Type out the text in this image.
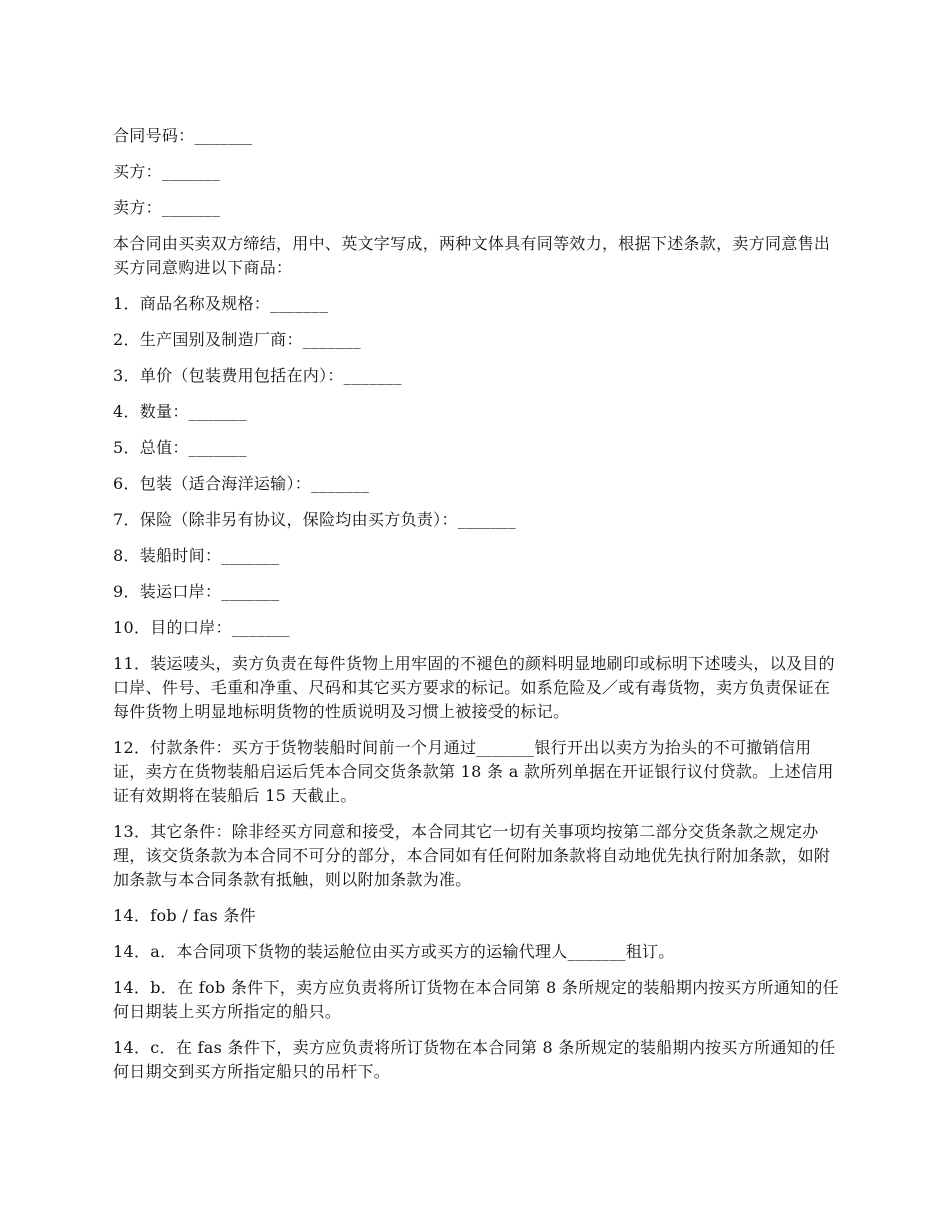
合同号码：_______

买方：_______

卖方：_______

本合同由买卖双方缔结，用中、英文字写成，两种文体具有同等效力，根据下述条款，卖方同意售出买方同意购进以下商品：

1．商品名称及规格：_______

2．生产国别及制造厂商：_______

3．单价（包装费用包括在内）：_______

4．数量：_______

5．总值：_______

6．包装（适合海洋运输）：_______

7．保险（除非另有协议，保险均由买方负责）：_______

8．装船时间：_______

9．装运口岸：_______

10．目的口岸：_______

11．装运唛头，卖方负责在每件货物上用牢固的不褪色的颜料明显地刷印或标明下述唛头，以及目的口岸、件号、毛重和净重、尺码和其它买方要求的标记。如系危险及／或有毒货物，卖方负责保证在每件货物上明显地标明货物的性质说明及习惯上被接受的标记。

12．付款条件：买方于货物装船时间前一个月通过_______银行开出以卖方为抬头的不可撤销信用证，卖方在货物装船启运后凭本合同交货条款第 18 条 a 款所列单据在开证银行议付贷款。上述信用证有效期将在装船后 15 天截止。

13．其它条件：除非经买方同意和接受，本合同其它一切有关事项均按第二部分交货条款之规定办理，该交货条款为本合同不可分的部分，本合同如有任何附加条款将自动地优先执行附加条款，如附加条款与本合同条款有抵触，则以附加条款为准。

14．fob / fas 条件

14．a．本合同项下货物的装运舱位由买方或买方的运输代理人_______租订。

14．b．在 fob 条件下，卖方应负责将所订货物在本合同第 8 条所规定的装船期内按买方所通知的任何日期装上买方所指定的船只。

14．c．在 fas 条件下，卖方应负责将所订货物在本合同第 8 条所规定的装船期内按买方所通知的任何日期交到买方所指定船只的吊杆下。
